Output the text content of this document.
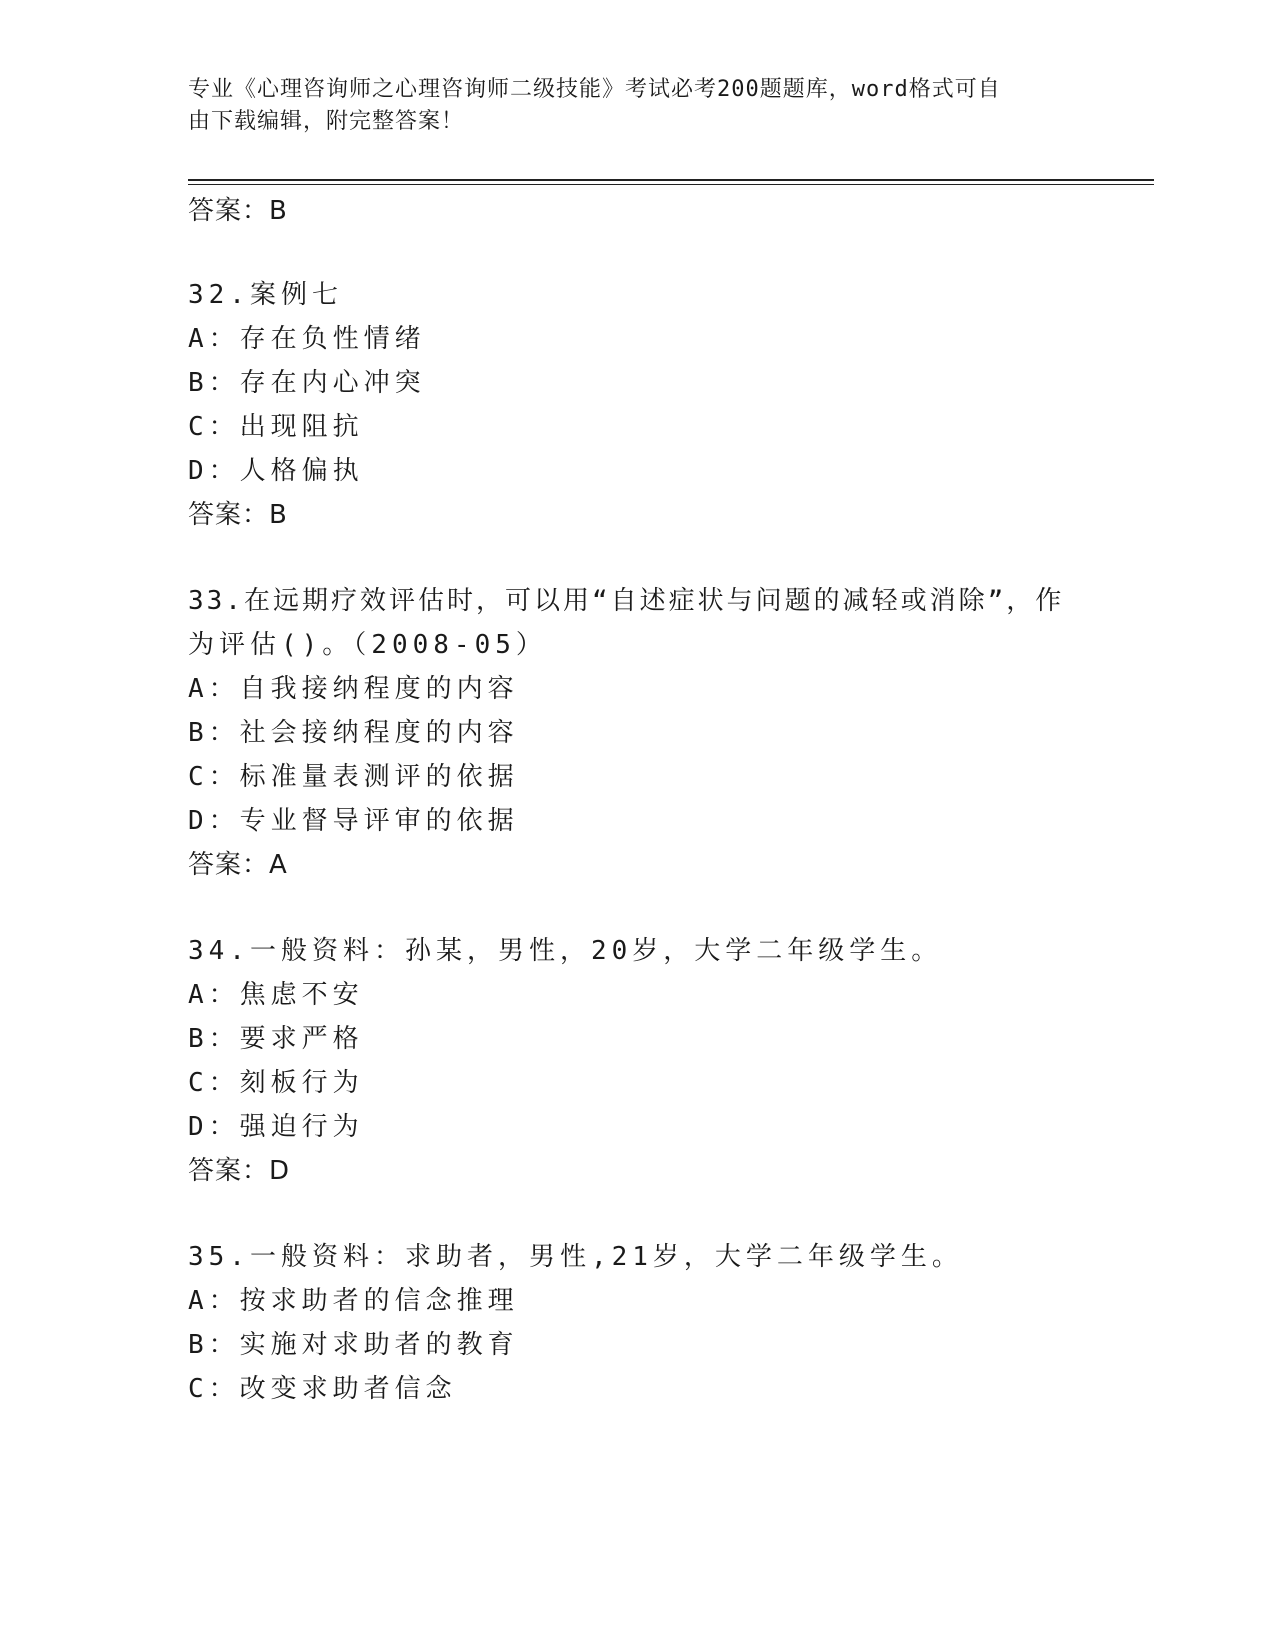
专业《心理咨询师之心理咨询师二级技能》考试必考200题题库，word格式可自
由下载编辑，附完整答案！
答案：B
32.案例七
A：存在负性情绪
B：存在内心冲突
C：出现阻抗
D：人格偏执
答案：B
33.在远期疗效评估时，可以用“自述症状与问题的减轻或消除”，作
为评估()。（2008-05）
A：自我接纳程度的内容
B：社会接纳程度的内容
C：标准量表测评的依据
D：专业督导评审的依据
答案：A
34.一般资料：孙某，男性，20岁，大学二年级学生。
A：焦虑不安
B：要求严格
C：刻板行为
D：强迫行为
答案：D
35.一般资料：求助者，男性,21岁，大学二年级学生。
A：按求助者的信念推理
B：实施对求助者的教育
C：改变求助者信念
